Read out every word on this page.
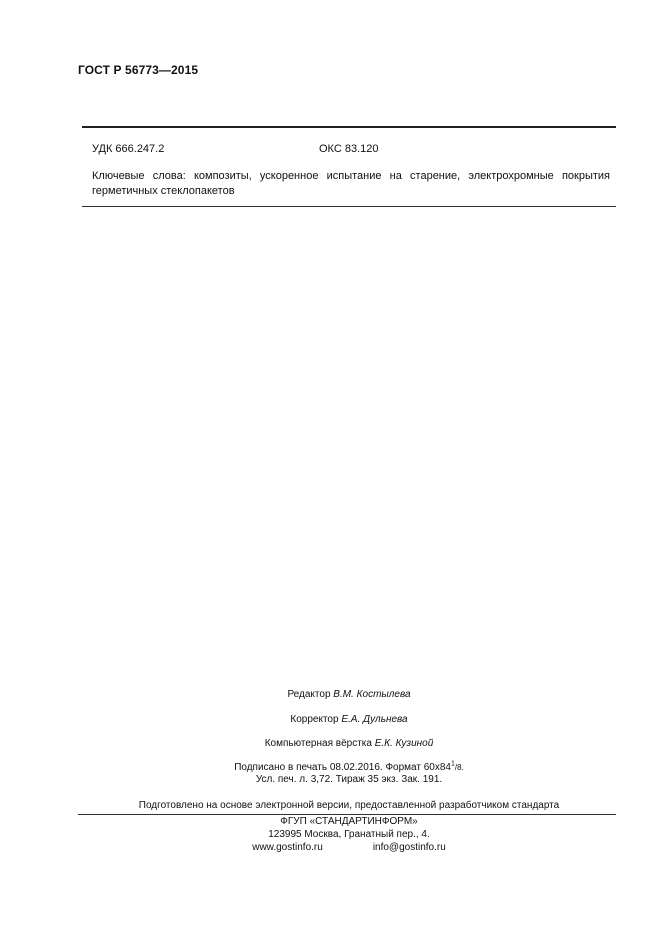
ГОСТ Р 56773—2015
УДК 666.247.2	ОКС 83.120
Ключевые слова: композиты, ускоренное испытание на старение, электрохромные покрытия герметичных стеклопакетов
Редактор В.М. Костылева
Корректор Е.А. Дульнева
Компьютерная вёрстка Е.К. Кузиной
Подписано в печать 08.02.2016. Формат $60x84^1/8$.
Усл. печ. л. 3,72. Тираж 35 экз. Зак. 191.
Подготовлено на основе электронной версии, предоставленной разработчиком стандарта
ФГУП «СТАНДАРТИНФОРМ»
123995 Москва, Гранатный пер., 4.
www.gostinfo.ru	info@gostinfo.ru
